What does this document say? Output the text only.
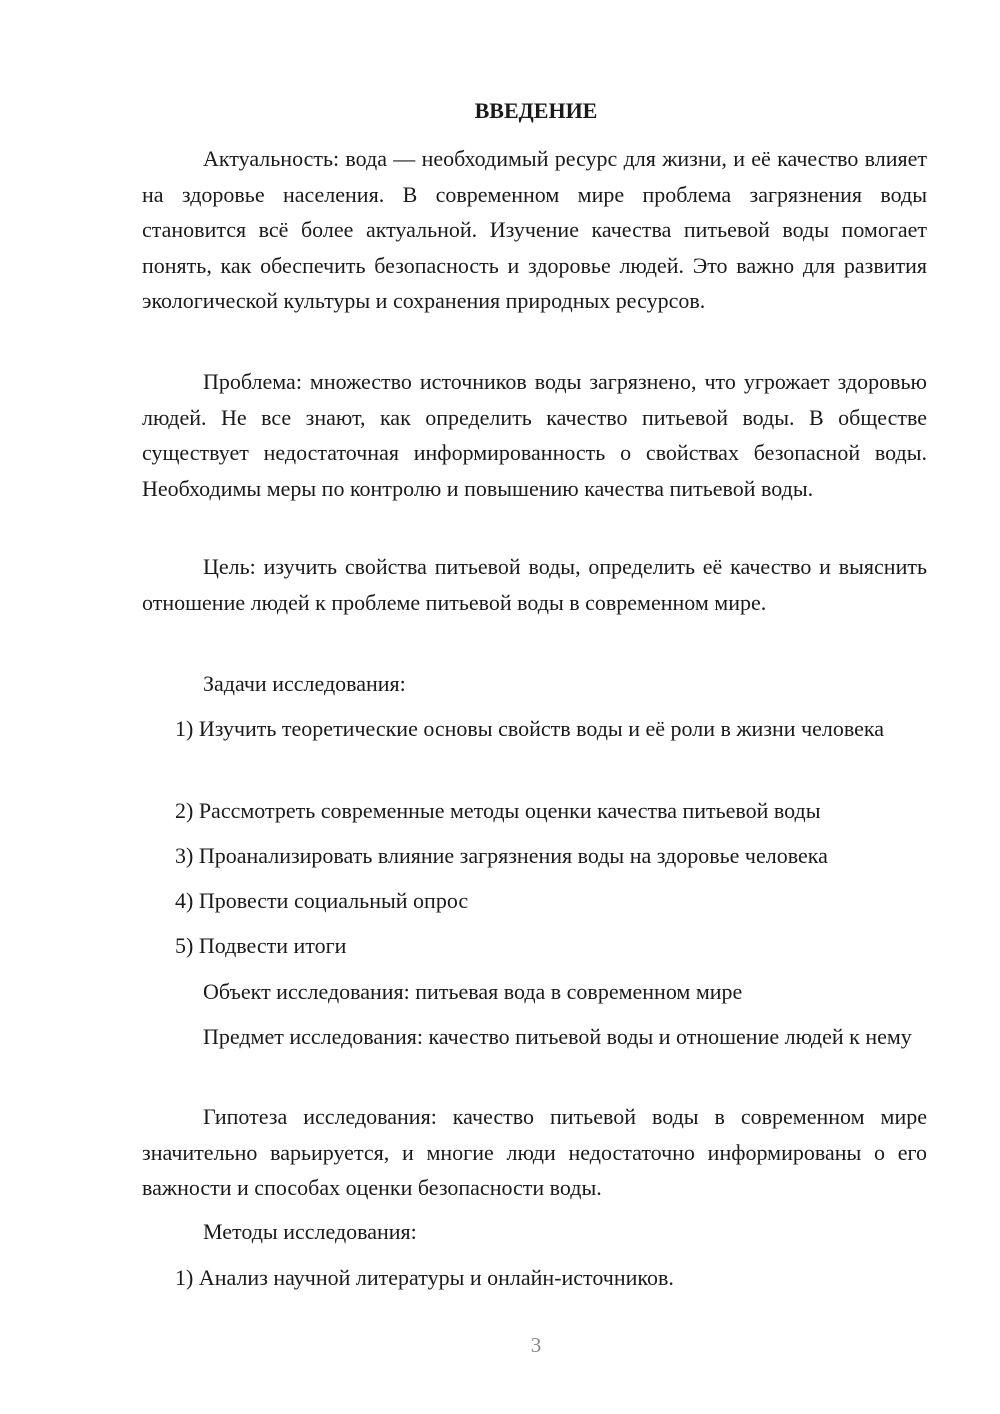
ВВЕДЕНИЕ

Актуальность: вода — необходимый ресурс для жизни, и её качество влияет на здоровье населения. В современном мире проблема загрязнения воды становится всё более актуальной. Изучение качества питьевой воды помогает понять, как обеспечить безопасность и здоровье людей. Это важно для развития экологической культуры и сохранения природных ресурсов.

Проблема: множество источников воды загрязнено, что угрожает здоровью людей. Не все знают, как определить качество питьевой воды. В обществе существует недостаточная информированность о свойствах безопасной воды. Необходимы меры по контролю и повышению качества питьевой воды.

Цель: изучить свойства питьевой воды, определить её качество и выяснить отношение людей к проблеме питьевой воды в современном мире.

Задачи исследования:

1) Изучить теоретические основы свойств воды и её роли в жизни человека

2) Рассмотреть современные методы оценки качества питьевой воды

3) Проанализировать влияние загрязнения воды на здоровье человека

4) Провести социальный опрос

5) Подвести итоги

Объект исследования: питьевая вода в современном мире

Предмет исследования: качество питьевой воды и отношение людей к нему

Гипотеза исследования: качество питьевой воды в современном мире значительно варьируется, и многие люди недостаточно информированы о его важности и способах оценки безопасности воды.

Методы исследования:

1) Анализ научной литературы и онлайн-источников.

3
